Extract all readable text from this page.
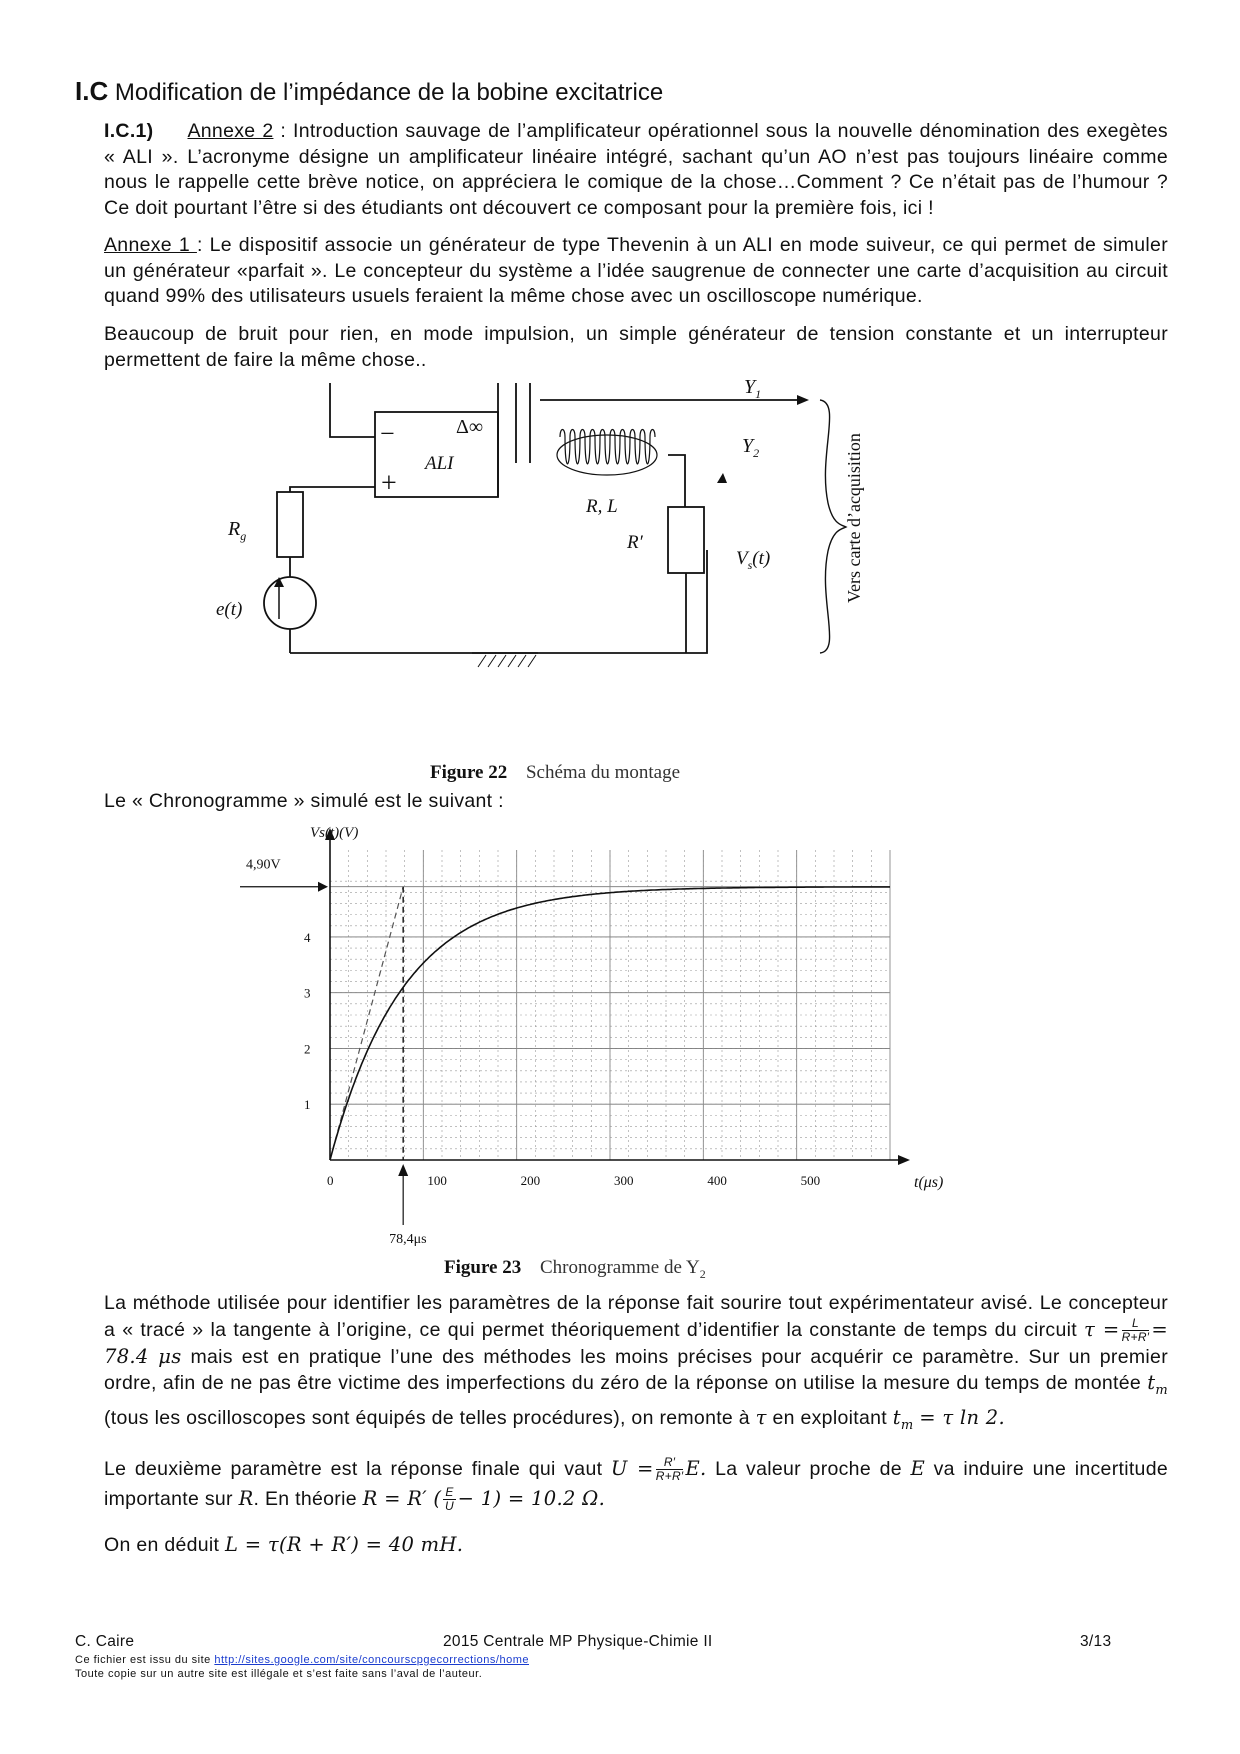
I.C Modification de l’impédance de la bobine excitatrice
I.C.1) Annexe 2 : Introduction sauvage de l’amplificateur opérationnel sous la nouvelle dénomination des exegètes « ALI ». L’acronyme désigne un amplificateur linéaire intégré, sachant qu’un AO n’est pas toujours linéaire comme nous le rappelle cette brève notice, on appréciera le comique de la chose…Comment ? Ce n’était pas de l’humour ? Ce doit pourtant l’être si des étudiants ont découvert ce composant pour la première fois, ici !
Annexe 1 : Le dispositif associe un générateur de type Thevenin à un ALI en mode suiveur, ce qui permet de simuler un générateur «parfait ». Le concepteur du système a l’idée saugrenue de connecter une carte d’acquisition au circuit quand 99% des utilisateurs usuels feraient la même chose avec un oscilloscope numérique.
Beaucoup de bruit pour rien, en mode impulsion, un simple générateur de tension constante et un interrupteur permettent de faire la même chose..
$Y_1$
$Y_2$
Δ∞
ALI
−
+
R, L
$R_g$	R′
$V_s(t)$
e(t)
Vers carte d’acquisition
Figure 22 Schéma du montage
Le « Chronogramme » simulé est le suivant :
0	100	200	300	400	500
1
2
3
4
Vs(t)(V)
t(μs)
4,90V
78,4μs
Figure 23 Chronogramme de $Y_2$
La méthode utilisée pour identifier les paramètres de la réponse fait sourire tout expérimentateur avisé. Le concepteur a « tracé » la tangente à l’origine, ce qui permet théoriquement d’identifier la constante de temps du circuit $\tau = \frac{L}{R+R'} = 78.4$ μs mais est en pratique l’une des méthodes les moins précises pour acquérir ce paramètre. Sur un premier ordre, afin de ne pas être victime des imperfections du zéro de la réponse on utilise la mesure du temps de montée $t_m$ (tous les oscilloscopes sont équipés de telles procédures), on remonte à τ en exploitant $t_m = \tau$ ln 2.
Le deuxième paramètre est la réponse finale qui vaut $U = \frac{R'}{R+R'} E$. La valeur proche de E va induire une incertitude importante sur R. En théorie R = R′ ( $\frac{E}{U} - 1) = 10.2$ Ω.
On en déduit L = τ(R + R′) = 40 mH.
C. Caire	2015 Centrale MP Physique-Chimie II	3/13
Ce fichier est issu du site http://sites.google.com/site/concourscpgecorrections/home
Toute copie sur un autre site est illégale et s’est faite sans l’aval de l’auteur.
